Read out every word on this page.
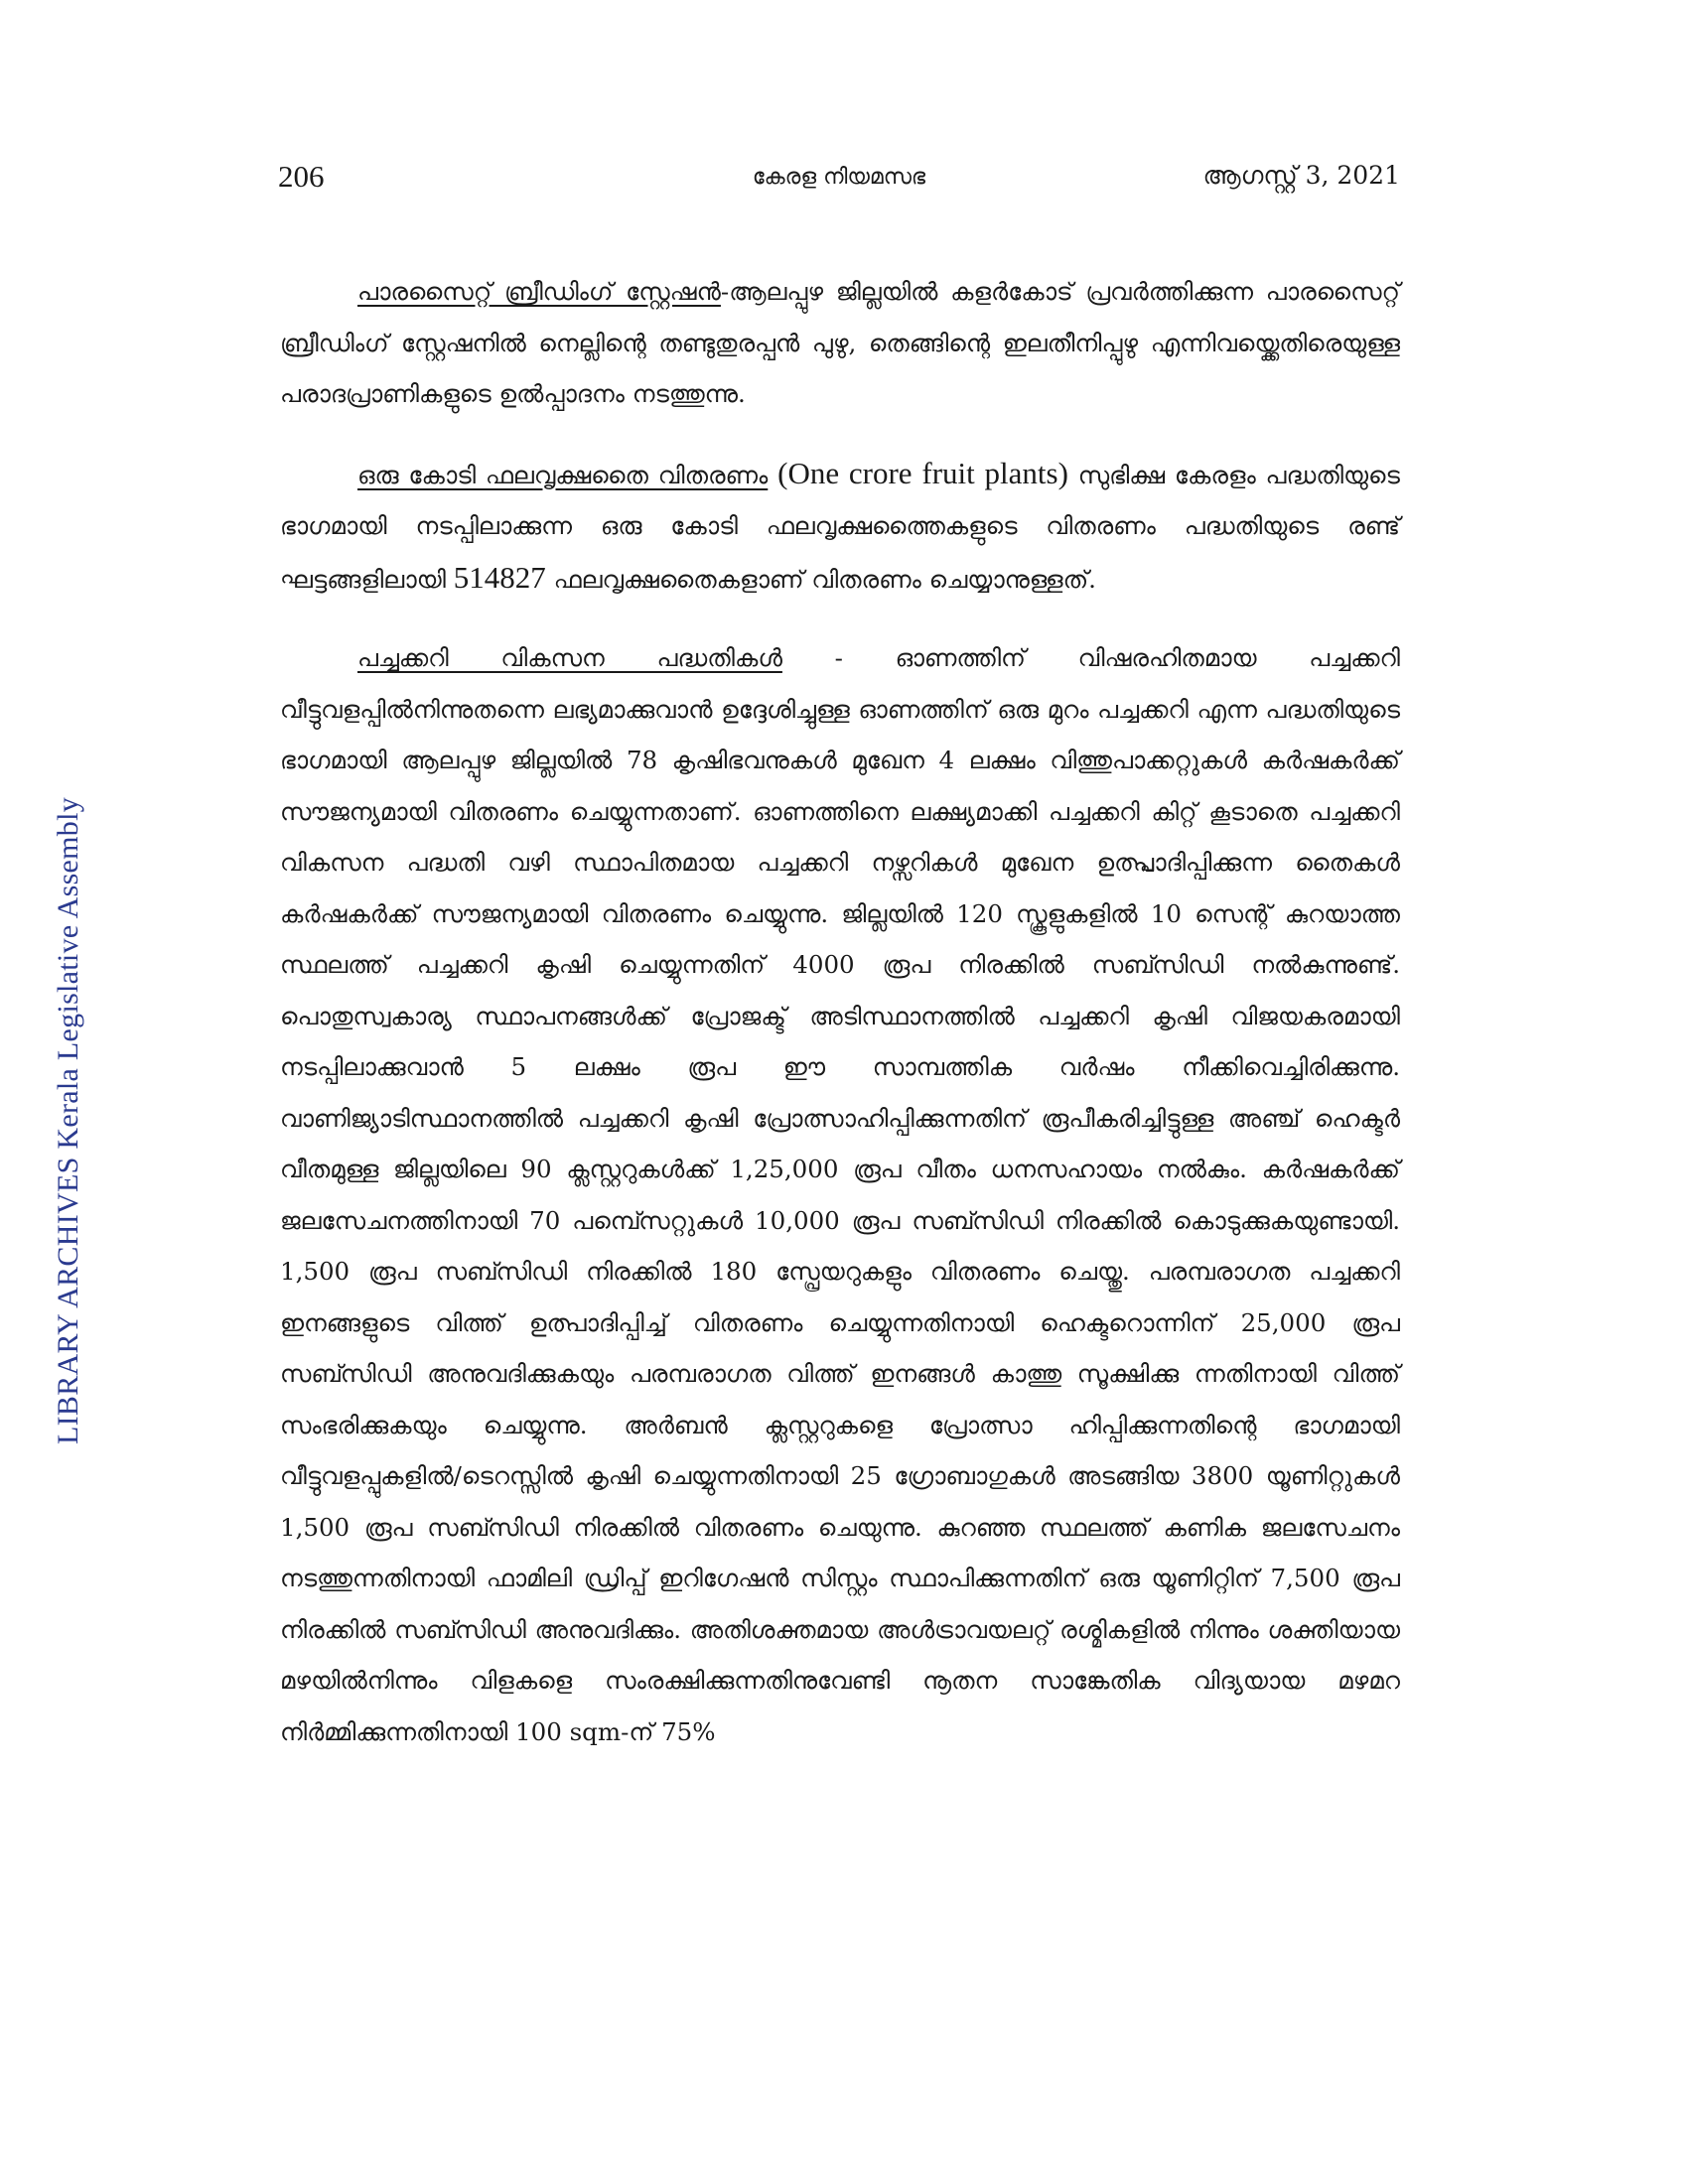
206	കേരള നിയമസഭ	ആഗസ്റ്റ് 3, 2021
LIBRARY ARCHIVES Kerala Legislative Assembly

പാരസൈറ്റ് ബ്രീഡിംഗ് സ്റ്റേഷൻ-ആലപ്പുഴ ജില്ലയിൽ കളർകോട് പ്രവർത്തിക്കുന്ന പാരസൈറ്റ് ബ്രീഡിംഗ് സ്റ്റേഷനിൽ നെല്ലിന്റെ തണ്ടുതുരപ്പൻ പുഴു, തെങ്ങിന്റെ ഇലതീനിപ്പുഴു എന്നിവയ്ക്കെതിരെയുള്ള പരാദപ്രാണികളുടെ ഉൽപ്പാദനം നടത്തുന്നു.

ഒരു കോടി ഫലവൃക്ഷതൈ വിതരണം (One crore fruit plants) സുഭിക്ഷ കേരളം പദ്ധതിയുടെ ഭാഗമായി നടപ്പിലാക്കുന്ന ഒരു കോടി ഫലവൃക്ഷത്തൈകളുടെ വിതരണം പദ്ധതിയുടെ രണ്ട് ഘട്ടങ്ങളിലായി 514827 ഫലവൃക്ഷതൈകളാണ് വിതരണം ചെയ്യാനുള്ളത്.

പച്ചക്കറി വികസന പദ്ധതികൾ - ഓണത്തിന് വിഷരഹിതമായ പച്ചക്കറി വീട്ടുവളപ്പിൽനിന്നുതന്നെ ലഭ്യമാക്കുവാൻ ഉദ്ദേശിച്ചുള്ള ഓണത്തിന് ഒരു മുറം പച്ചക്കറി എന്ന പദ്ധതിയുടെ ഭാഗമായി ആലപ്പുഴ ജില്ലയിൽ 78 കൃഷിഭവനുകൾ മുഖേന 4 ലക്ഷം വിത്തുപാക്കറ്റുകൾ കർഷകർക്ക് സൗജന്യമായി വിതരണം ചെയ്യുന്നതാണ്. ഓണത്തിനെ ലക്ഷ്യമാക്കി പച്ചക്കറി കിറ്റ് കൂടാതെ പച്ചക്കറി വികസന പദ്ധതി വഴി സ്ഥാപിതമായ പച്ചക്കറി നഴ്സറികൾ മുഖേന ഉത്പ്പാദിപ്പിക്കുന്ന തൈകൾ കർഷകർക്ക് സൗജന്യമായി വിതരണം ചെയ്യുന്നു. ജില്ലയിൽ 120 സ്കൂളുകളിൽ 10 സെന്റ് കുറയാത്ത സ്ഥലത്ത് പച്ചക്കറി കൃഷി ചെയ്യുന്നതിന് 4000 രൂപ നിരക്കിൽ സബ്സിഡി നൽകുന്നുണ്ട്. പൊതുസ്വകാര്യ സ്ഥാപനങ്ങൾക്ക് പ്രോജക്ട് അടിസ്ഥാനത്തിൽ പച്ചക്കറി കൃഷി വിജയകരമായി നടപ്പിലാക്കുവാൻ 5 ലക്ഷം രൂപ ഈ സാമ്പത്തിക വർഷം നീക്കിവെച്ചിരിക്കുന്നു. വാണിജ്യാടിസ്ഥാനത്തിൽ പച്ചക്കറി കൃഷി പ്രോത്സാഹിപ്പിക്കുന്നതിന് രൂപീകരിച്ചിട്ടുള്ള അഞ്ച് ഹെക്ടർ വീതമുള്ള ജില്ലയിലെ 90 ക്ലസ്റ്ററുകൾക്ക് 1,25,000 രൂപ വീതം ധനസഹായം നൽകും. കർഷകർക്ക് ജലസേചനത്തിനായി 70 പമ്പ്സെറ്റുകൾ 10,000 രൂപ സബ്സിഡി നിരക്കിൽ കൊടുക്കുകയുണ്ടായി. 1,500 രൂപ സബ്സിഡി നിരക്കിൽ 180 സ്പ്രേയറുകളും വിതരണം ചെയ്തു. പരമ്പരാഗത പച്ചക്കറി ഇനങ്ങളുടെ വിത്ത് ഉത്പാദിപ്പിച്ച് വിതരണം ചെയ്യുന്നതിനായി ഹെക്ടറൊന്നിന് 25,000 രൂപ സബ്സിഡി അനുവദിക്കുകയും പരമ്പരാഗത വിത്ത് ഇനങ്ങൾ കാത്തു സൂക്ഷിക്കു ന്നതിനായി വിത്ത് സംഭരിക്കുകയും ചെയ്യുന്നു. അർബൻ ക്ലസ്റ്ററുകളെ പ്രോത്സാ ഹിപ്പിക്കുന്നതിന്റെ ഭാഗമായി വീട്ടുവളപ്പുകളിൽ/ടെറസ്സിൽ കൃഷി ചെയ്യുന്നതിനായി 25 ഗ്രോബാഗുകൾ അടങ്ങിയ 3800 യൂണിറ്റുകൾ 1,500 രൂപ സബ്സിഡി നിരക്കിൽ വിതരണം ചെയുന്നു. കുറഞ്ഞ സ്ഥലത്ത് കണിക ജലസേചനം നടത്തുന്നതിനായി ഫാമിലി ഡ്രിപ്പ് ഇറിഗേഷൻ സിസ്റ്റം സ്ഥാപിക്കുന്നതിന് ഒരു യൂണിറ്റിന് 7,500 രൂപ നിരക്കിൽ സബ്സിഡി അനുവദിക്കും. അതിശക്തമായ അൾട്രാവയലറ്റ് രശ്മികളിൽ നിന്നും ശക്തിയായ മഴയിൽനിന്നും വിളകളെ സംരക്ഷിക്കുന്നതിനുവേണ്ടി നൂതന സാങ്കേതിക വിദ്യയായ മഴമറ നിർമ്മിക്കുന്നതിനായി 100 sqm-ന് 75%
